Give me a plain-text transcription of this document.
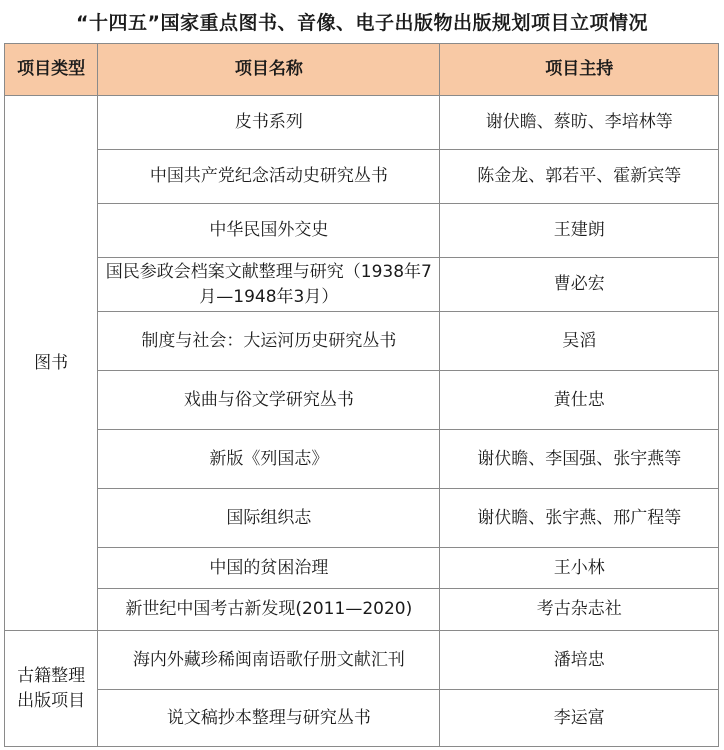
“十四五”国家重点图书、音像、电子出版物出版规划项目立项情况
项目类型	项目名称	项目主持
图书	皮书系列	谢伏瞻、蔡昉、李培林等
	中国共产党纪念活动史研究丛书	陈金龙、郭若平、霍新宾等
	中华民国外交史	王建朗
	国民参政会档案文献整理与研究（1938年7月—1948年3月）	曹必宏
	制度与社会：大运河历史研究丛书	吴滔
	戏曲与俗文学研究丛书	黄仕忠
	新版《列国志》	谢伏瞻、李国强、张宇燕等
	国际组织志	谢伏瞻、张宇燕、邢广程等
	中国的贫困治理	王小林
	新世纪中国考古新发现(2011—2020)	考古杂志社
古籍整理出版项目	海内外藏珍稀闽南语歌仔册文献汇刊	潘培忠
	说文稿抄本整理与研究丛书	李运富
